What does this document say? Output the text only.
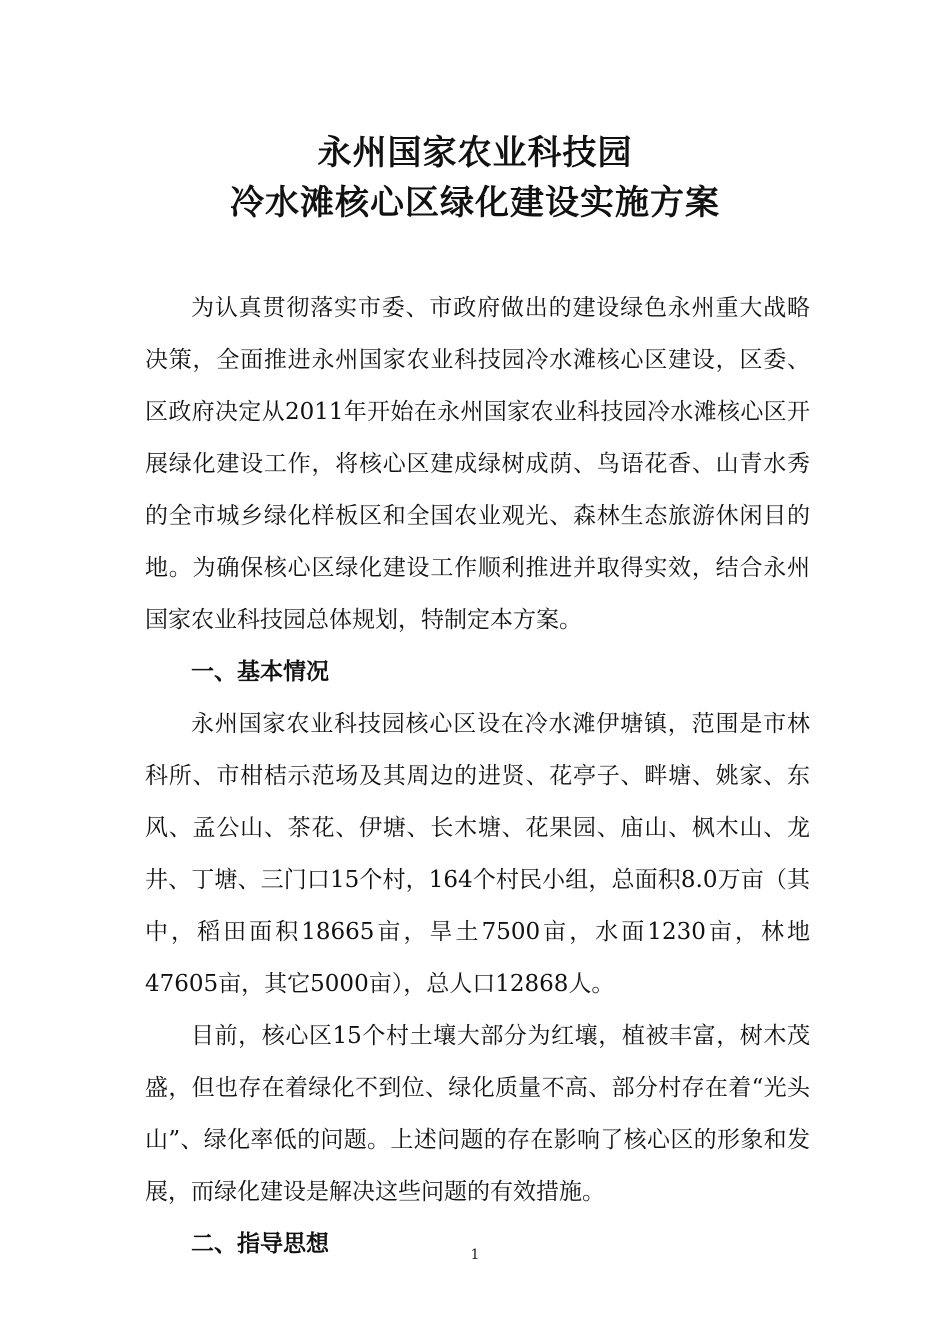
永州国家农业科技园
冷水滩核心区绿化建设实施方案

为认真贯彻落实市委、市政府做出的建设绿色永州重大战略决策，全面推进永州国家农业科技园冷水滩核心区建设，区委、区政府决定从2011年开始在永州国家农业科技园冷水滩核心区开展绿化建设工作，将核心区建成绿树成荫、鸟语花香、山青水秀的全市城乡绿化样板区和全国农业观光、森林生态旅游休闲目的地。为确保核心区绿化建设工作顺利推进并取得实效，结合永州国家农业科技园总体规划，特制定本方案。

一、基本情况

永州国家农业科技园核心区设在冷水滩伊塘镇，范围是市林科所、市柑桔示范场及其周边的进贤、花亭子、畔塘、姚家、东风、孟公山、茶花、伊塘、长木塘、花果园、庙山、枫木山、龙井、丁塘、三门口15个村，164个村民小组，总面积8.0万亩（其中，稻田面积18665亩，旱土7500亩，水面1230亩，林地47605亩，其它5000亩），总人口12868人。

目前，核心区15个村土壤大部分为红壤，植被丰富，树木茂盛，但也存在着绿化不到位、绿化质量不高、部分村存在着“光头山”、绿化率低的问题。上述问题的存在影响了核心区的形象和发展，而绿化建设是解决这些问题的有效措施。

二、指导思想	1
